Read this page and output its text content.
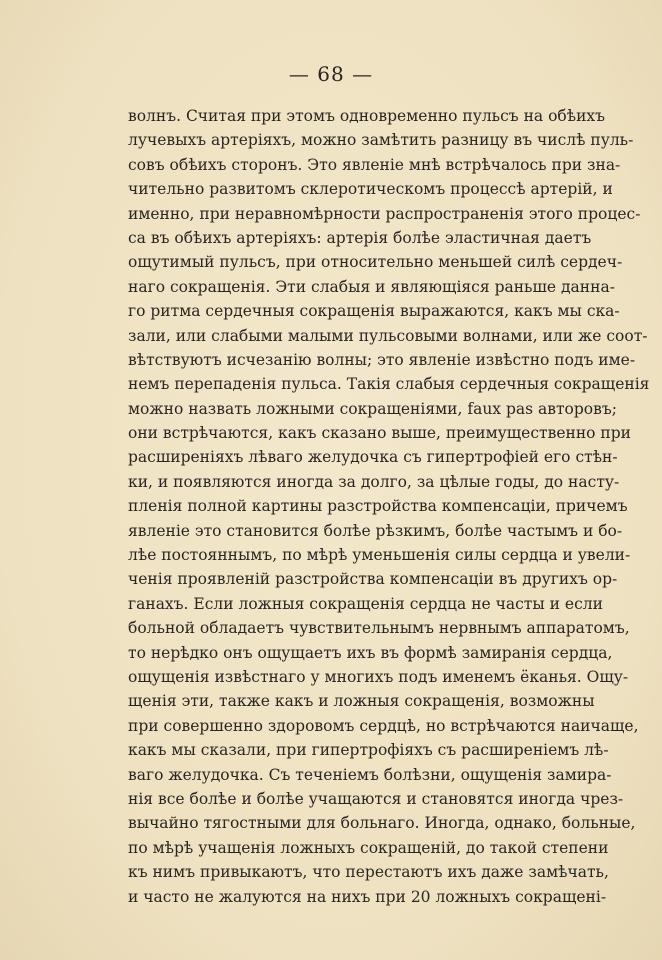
— 68 —
волнъ. Считая при этомъ одновременно пульсъ на обѣихъ
лучевыхъ артеріяхъ, можно замѣтить разницу въ числѣ пуль-
совъ обѣихъ сторонъ. Это явленіе мнѣ встрѣчалось при зна-
чительно развитомъ склеротическомъ процессѣ артерій, и
именно, при неравномѣрности распространенія этого процес-
са въ обѣихъ артеріяхъ: артерія болѣе эластичная даетъ
ощутимый пульсъ, при относительно меньшей силѣ сердеч-
наго сокращенія. Эти слабыя и являющіяся раньше данна-
го ритма сердечныя сокращенія выражаются, какъ мы ска-
зали, или слабыми малыми пульсовыми волнами, или же соот-
вѣтствуютъ исчезанію волны; это явленіе извѣстно подъ име-
немъ перепаденія пульса. Такія слабыя сердечныя сокращенія
можно назвать ложными сокращеніями, faux pas авторовъ;
они встрѣчаются, какъ сказано выше, преимущественно при
расширеніяхъ лѣваго желудочка съ гипертрофіей его стѣн-
ки, и появляются иногда за долго, за цѣлые годы, до насту-
пленія полной картины разстройства компенсаціи, причемъ
явленіе это становится болѣе рѣзкимъ, болѣе частымъ и бо-
лѣе постояннымъ, по мѣрѣ уменьшенія силы сердца и увели-
ченія проявленій разстройства компенсаціи въ другихъ ор-
ганахъ. Если ложныя сокращенія сердца не часты и если
больной обладаетъ чувствительнымъ нервнымъ аппаратомъ,
то нерѣдко онъ ощущаетъ ихъ въ формѣ замиранія сердца,
ощущенія извѣстнаго у многихъ подъ именемъ ёканья. Ощу-
щенія эти, также какъ и ложныя сокращенія, возможны
при совершенно здоровомъ сердцѣ, но встрѣчаются наичаще,
какъ мы сказали, при гипертрофіяхъ съ расширеніемъ лѣ-
ваго желудочка. Съ теченіемъ болѣзни, ощущенія замира-
нія все болѣе и болѣе учащаются и становятся иногда чрез-
вычайно тягостными для больнаго. Иногда, однако, больные,
по мѣрѣ учащенія ложныхъ сокращеній, до такой степени
къ нимъ привыкаютъ, что перестаютъ ихъ даже замѣчать,
и часто не жалуются на нихъ при 20 ложныхъ сокращені-
